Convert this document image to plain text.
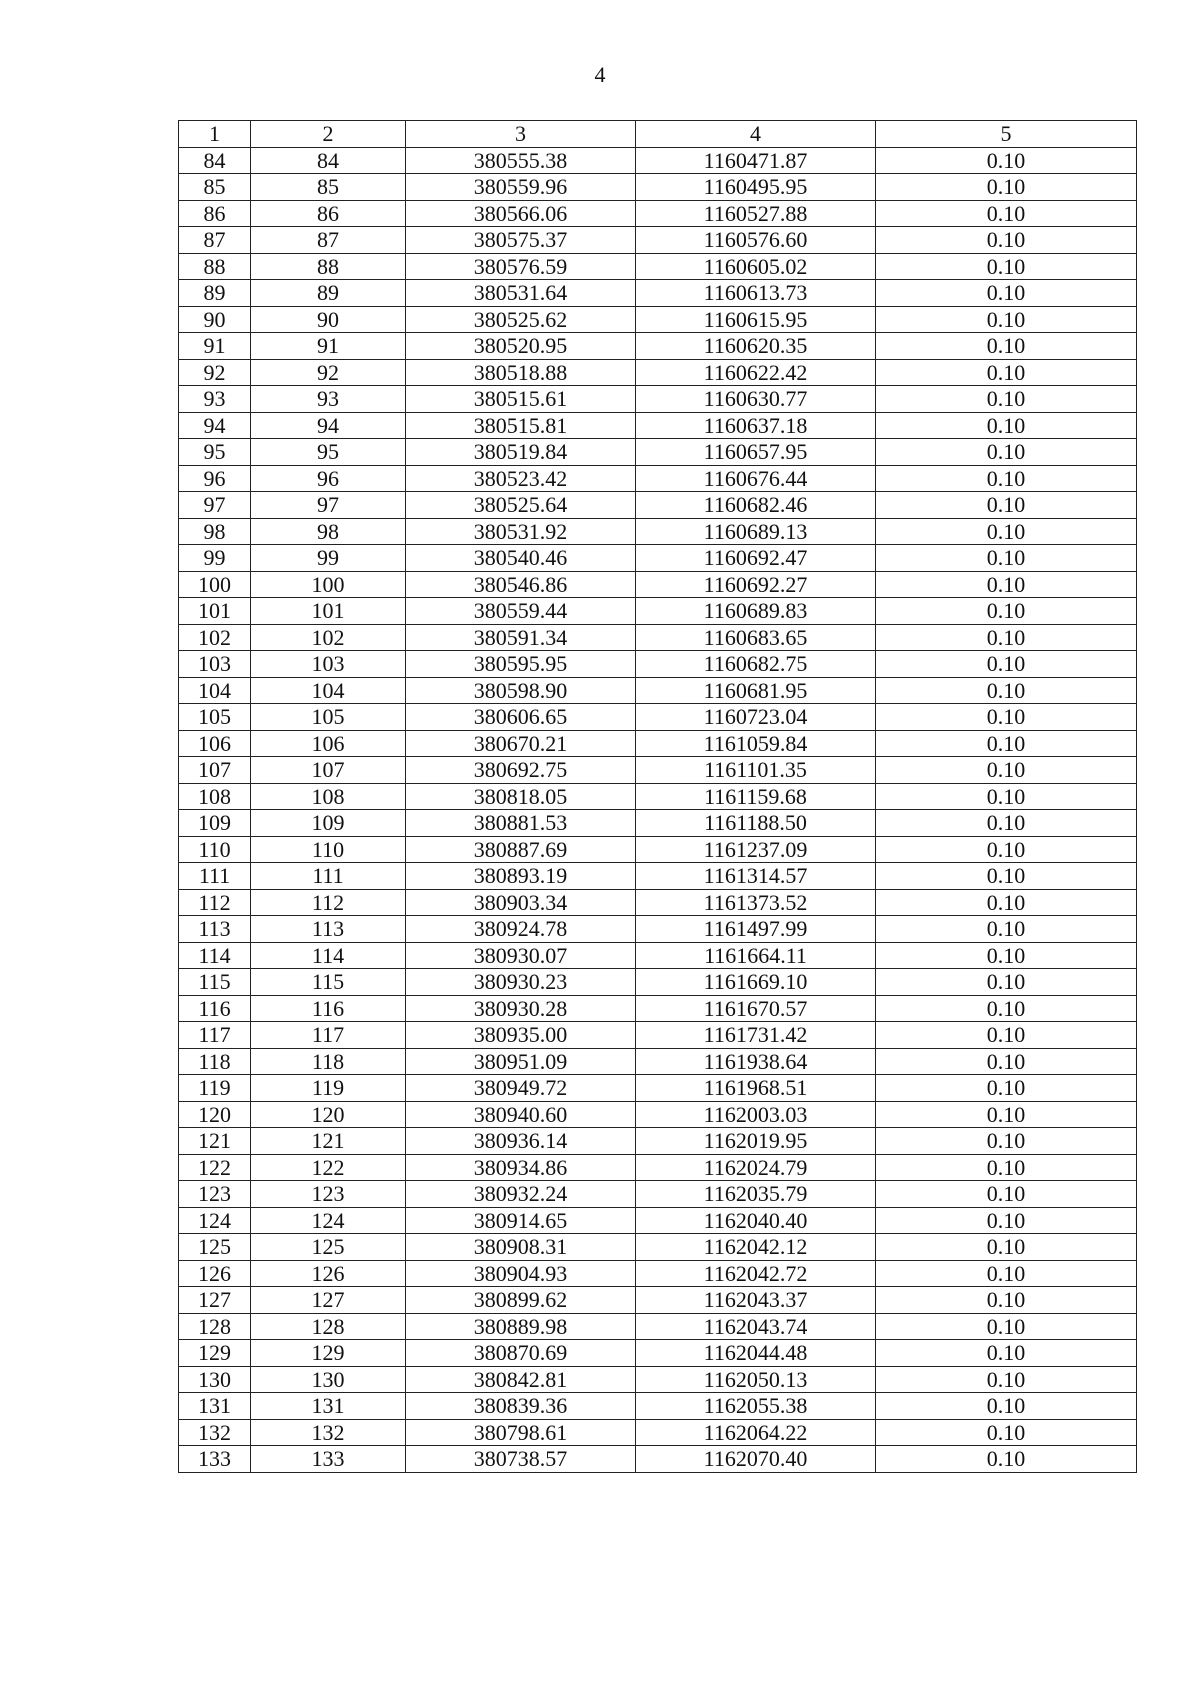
4
1	2	3	4	5
84	84	380555.38	1160471.87	0.10
85	85	380559.96	1160495.95	0.10
86	86	380566.06	1160527.88	0.10
87	87	380575.37	1160576.60	0.10
88	88	380576.59	1160605.02	0.10
89	89	380531.64	1160613.73	0.10
90	90	380525.62	1160615.95	0.10
91	91	380520.95	1160620.35	0.10
92	92	380518.88	1160622.42	0.10
93	93	380515.61	1160630.77	0.10
94	94	380515.81	1160637.18	0.10
95	95	380519.84	1160657.95	0.10
96	96	380523.42	1160676.44	0.10
97	97	380525.64	1160682.46	0.10
98	98	380531.92	1160689.13	0.10
99	99	380540.46	1160692.47	0.10
100	100	380546.86	1160692.27	0.10
101	101	380559.44	1160689.83	0.10
102	102	380591.34	1160683.65	0.10
103	103	380595.95	1160682.75	0.10
104	104	380598.90	1160681.95	0.10
105	105	380606.65	1160723.04	0.10
106	106	380670.21	1161059.84	0.10
107	107	380692.75	1161101.35	0.10
108	108	380818.05	1161159.68	0.10
109	109	380881.53	1161188.50	0.10
110	110	380887.69	1161237.09	0.10
111	111	380893.19	1161314.57	0.10
112	112	380903.34	1161373.52	0.10
113	113	380924.78	1161497.99	0.10
114	114	380930.07	1161664.11	0.10
115	115	380930.23	1161669.10	0.10
116	116	380930.28	1161670.57	0.10
117	117	380935.00	1161731.42	0.10
118	118	380951.09	1161938.64	0.10
119	119	380949.72	1161968.51	0.10
120	120	380940.60	1162003.03	0.10
121	121	380936.14	1162019.95	0.10
122	122	380934.86	1162024.79	0.10
123	123	380932.24	1162035.79	0.10
124	124	380914.65	1162040.40	0.10
125	125	380908.31	1162042.12	0.10
126	126	380904.93	1162042.72	0.10
127	127	380899.62	1162043.37	0.10
128	128	380889.98	1162043.74	0.10
129	129	380870.69	1162044.48	0.10
130	130	380842.81	1162050.13	0.10
131	131	380839.36	1162055.38	0.10
132	132	380798.61	1162064.22	0.10
133	133	380738.57	1162070.40	0.10
